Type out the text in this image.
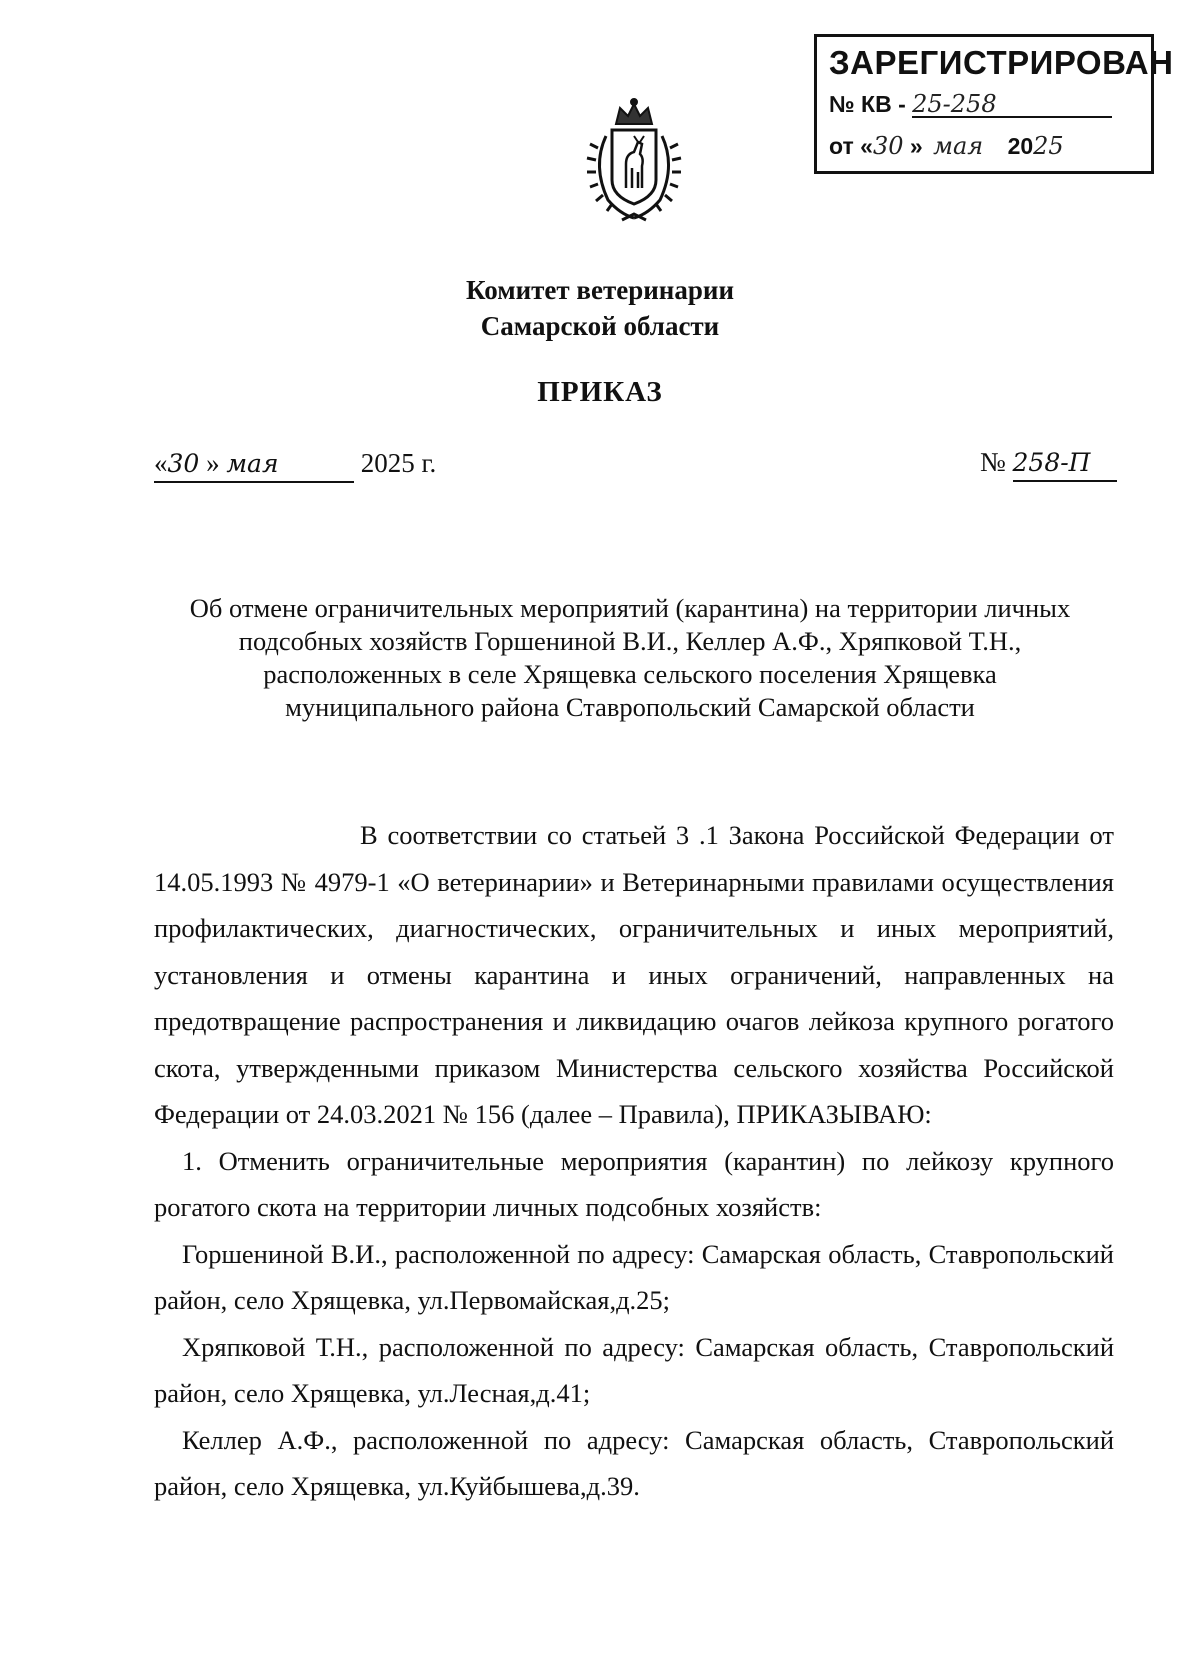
ЗАРЕГИСТРИРОВАН
№ КВ - 25-258
от «30 » мая 2025
Комитет ветеринарии
Самарской области
ПРИКАЗ
«30 » мая	2025 г.	№ 258-П
Об отмене ограничительных мероприятий (карантина) на территории личных
подсобных хозяйств Горшениной В.И., Келлер А.Ф., Хряпковой Т.Н.,
расположенных в селе Хрящевка сельского поселения Хрящевка
муниципального района Ставропольский Самарской области

В соответствии со статьей 3 .1 Закона Российской Федерации от 14.05.1993 № 4979-1 «О ветеринарии» и Ветеринарными правилами осуществления профилактических, диагностических, ограничительных и иных мероприятий, установления и отмены карантина и иных ограничений, направленных на предотвращение распространения и ликвидацию очагов лейкоза крупного рогатого скота, утвержденными приказом Министерства сельского хозяйства Российской Федерации от 24.03.2021 № 156 (далее – Правила), ПРИКАЗЫВАЮ:

1. Отменить ограничительные мероприятия (карантин) по лейкозу крупного рогатого скота на территории личных подсобных хозяйств:

Горшениной В.И., расположенной по адресу: Самарская область, Ставропольский район, село Хрящевка, ул.Первомайская,д.25;

Хряпковой Т.Н., расположенной по адресу: Самарская область, Ставропольский район, село Хрящевка, ул.Лесная,д.41;

Келлер А.Ф., расположенной по адресу: Самарская область, Ставропольский район, село Хрящевка, ул.Куйбышева,д.39.
